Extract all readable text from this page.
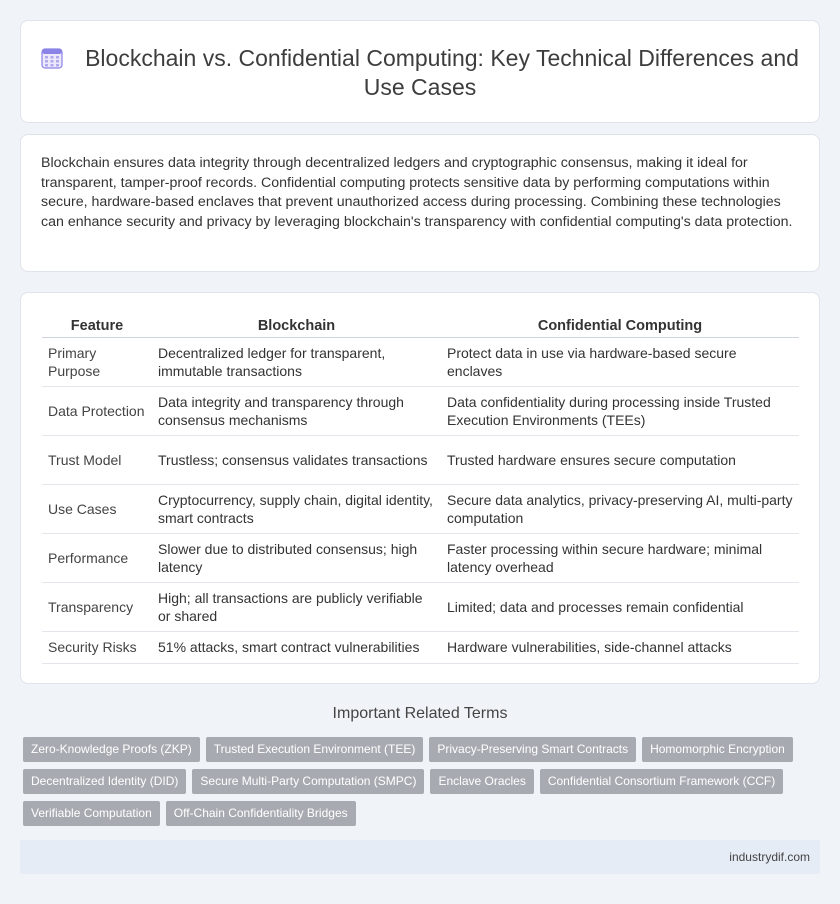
Blockchain vs. Confidential Computing: Key Technical Differences and Use Cases

Blockchain ensures data integrity through decentralized ledgers and cryptographic consensus, making it ideal for transparent, tamper-proof records. Confidential computing protects sensitive data by performing computations within secure, hardware-based enclaves that prevent unauthorized access during processing. Combining these technologies can enhance security and privacy by leveraging blockchain's transparency with confidential computing's data protection.

Feature	Blockchain	Confidential Computing
Primary Purpose	Decentralized ledger for transparent, immutable transactions	Protect data in use via hardware-based secure enclaves
Data Protection	Data integrity and transparency through consensus mechanisms	Data confidentiality during processing inside Trusted Execution Environments (TEEs)
Trust Model	Trustless; consensus validates transactions	Trusted hardware ensures secure computation
Use Cases	Cryptocurrency, supply chain, digital identity, smart contracts	Secure data analytics, privacy-preserving AI, multi-party computation
Performance	Slower due to distributed consensus; high latency	Faster processing within secure hardware; minimal latency overhead
Transparency	High; all transactions are publicly verifiable or shared	Limited; data and processes remain confidential
Security Risks	51% attacks, smart contract vulnerabilities	Hardware vulnerabilities, side-channel attacks
Important Related Terms
Zero-Knowledge Proofs (ZKP) Trusted Execution Environment (TEE) Privacy-Preserving Smart Contracts Homomorphic Encryption
Decentralized Identity (DID) Secure Multi-Party Computation (SMPC) Enclave Oracles Confidential Consortium Framework (CCF)
Verifiable Computation Off-Chain Confidentiality Bridges
industrydif.com
